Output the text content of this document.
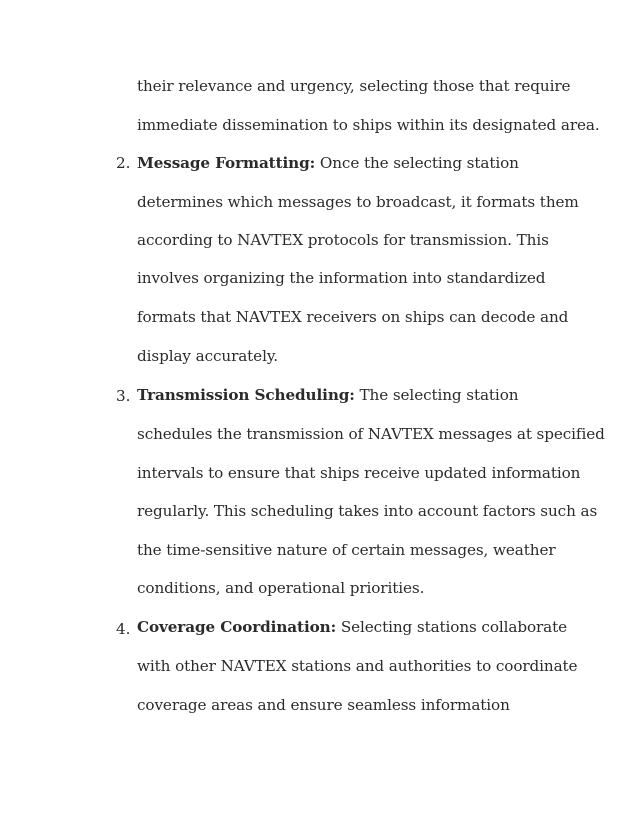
their relevance and urgency, selecting those that require
immediate dissemination to ships within its designated area.
2. Message Formatting: Once the selecting station
determines which messages to broadcast, it formats them
according to NAVTEX protocols for transmission. This
involves organizing the information into standardized
formats that NAVTEX receivers on ships can decode and
display accurately.
3. Transmission Scheduling: The selecting station
schedules the transmission of NAVTEX messages at specified
intervals to ensure that ships receive updated information
regularly. This scheduling takes into account factors such as
the time-sensitive nature of certain messages, weather
conditions, and operational priorities.
4. Coverage Coordination: Selecting stations collaborate
with other NAVTEX stations and authorities to coordinate
coverage areas and ensure seamless information
